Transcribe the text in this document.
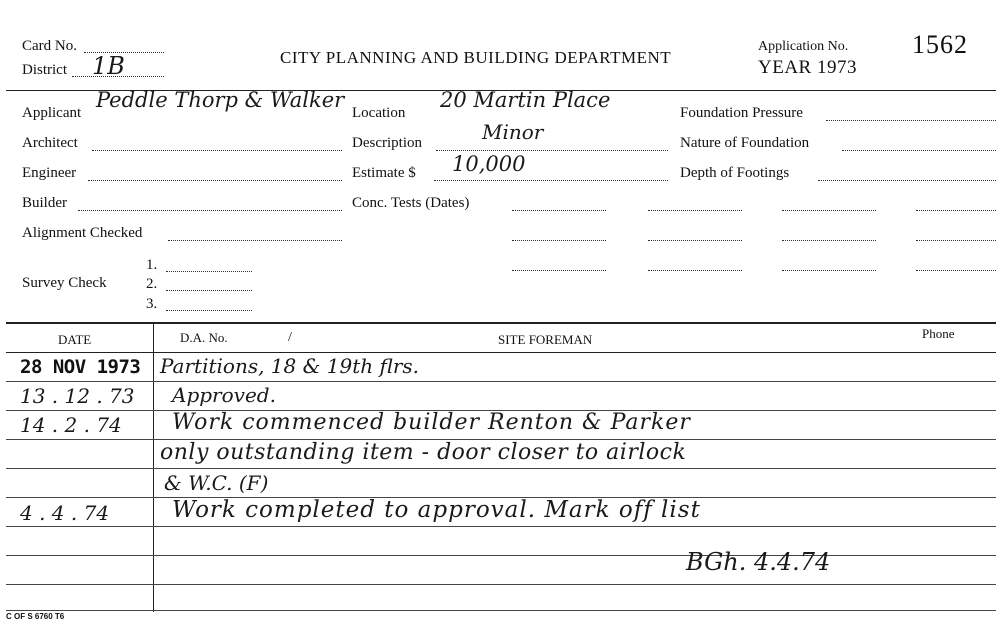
Card No.
District 1B	CITY PLANNING AND BUILDING DEPARTMENT
Application No.
YEAR 1973
1562
Applicant
Peddle Thorp & Walker
Architect
Engineer
Builder
Alignment Checked
Survey Check
1.
2.
3.
Location
20 Martin Place
Description	Minor
Estimate $ 10,000
Conc. Tests (Dates)
Foundation Pressure
Nature of Foundation
Depth of Footings
DATE	D.A. No.	/	SITE FOREMAN	Phone
28 NOV 1973 Partitions, 18 & 19th flrs.
13 . 12 . 73 Approved.
14 . 2 . 74 Work commenced builder Renton & Parker
only outstanding item - door closer to airlock
& W.C. (F)
4 . 4 . 74	Work completed to approval. Mark off list
BGh. 4.4.74
C OF S 6760 T6
